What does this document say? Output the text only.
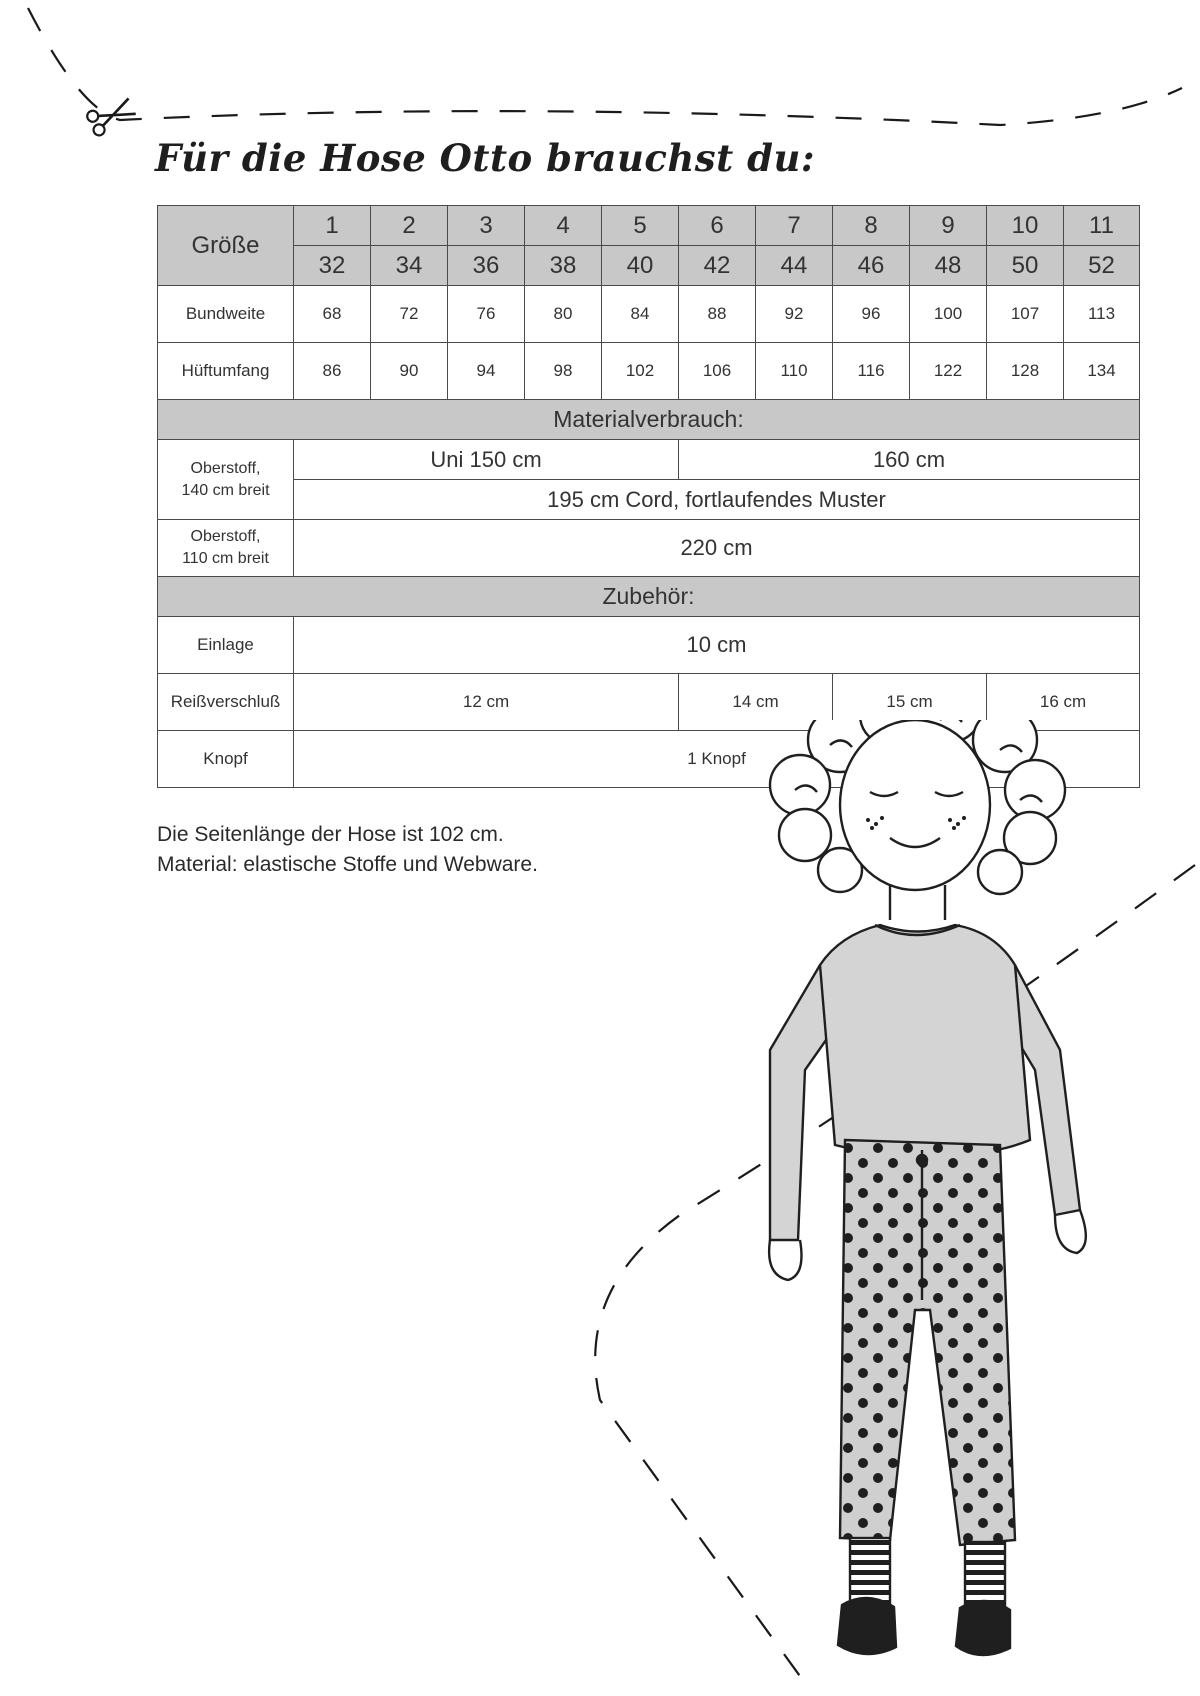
Für die Hose Otto brauchst du:
Größe	1	2	3	4	5	6	7	8	9	10	11
	32	34	36	38	40	42	44	46	48	50	52
Bundweite	68	72	76	80	84	88	92	96	100	107	113
Hüftumfang	86	90	94	98	102	106	110	116	122	128	134
Materialverbrauch:											
Oberstoff,
140 cm breit	Uni 150 cm					160 cm					
	195 cm Cord, fortlaufendes Muster										
Oberstoff,
110 cm breit	220 cm										
Zubehör:											
Einlage	10 cm										
Reißverschluß	12 cm					14 cm		15 cm		16 cm	
Knopf	1 Knopf										

Die Seitenlänge der Hose ist 102 cm.

Material: elastische Stoffe und Webware.
